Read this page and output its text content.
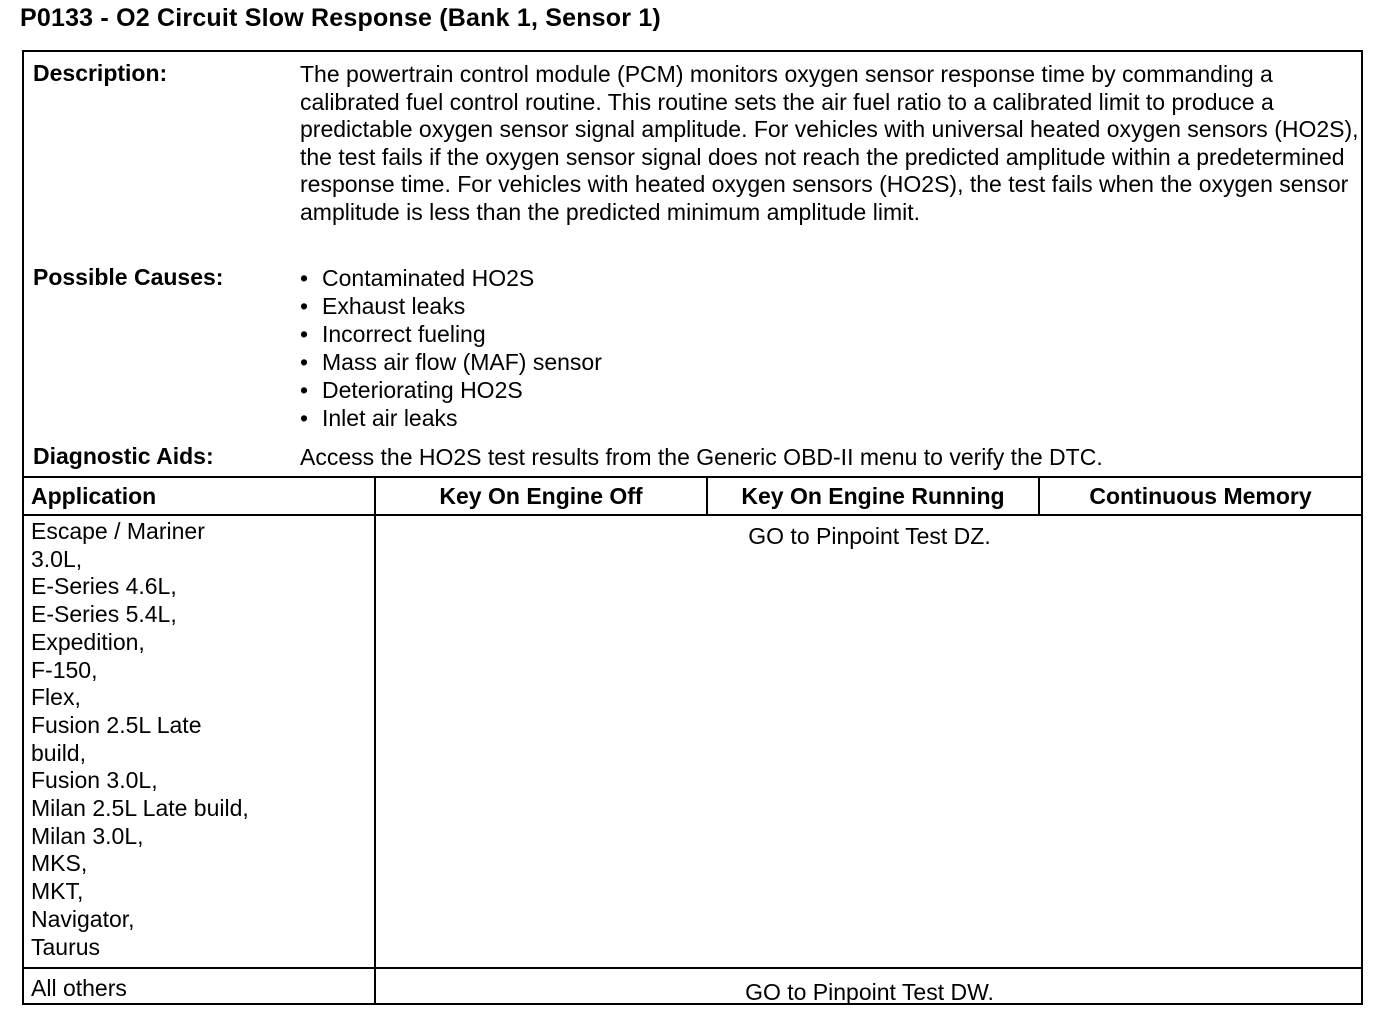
P0133 - O2 Circuit Slow Response (Bank 1, Sensor 1)
Description:	The powertrain control module (PCM) monitors oxygen sensor response time by commanding a calibrated fuel control routine. This routine sets the air fuel ratio to a calibrated limit to produce a predictable oxygen sensor signal amplitude. For vehicles with universal heated oxygen sensors (HO2S), the test fails if the oxygen sensor signal does not reach the predicted amplitude within a predetermined response time. For vehicles with heated oxygen sensors (HO2S), the test fails when the oxygen sensor amplitude is less than the predicted minimum amplitude limit.
Possible Causes:
•	Contaminated HO2S
• Exhaust leaks
• Incorrect fueling
• Mass air flow (MAF) sensor
• Deteriorating HO2S
• Inlet air leaks
Diagnostic Aids:	Access the HO2S test results from the Generic OBD-II menu to verify the DTC.
Application	Key On Engine Off	Key On Engine Running	Continuous Memory
Escape / Mariner
3.0L,
E-Series 4.6L,
E-Series 5.4L,
Expedition,
F-150,
Flex,
Fusion 2.5L Late
build,
Fusion 3.0L,
Milan 2.5L Late build,
Milan 3.0L,
MKS,
MKT,
Navigator,
Taurus
GO to Pinpoint Test DZ.
All others	GO to Pinpoint Test DW.
